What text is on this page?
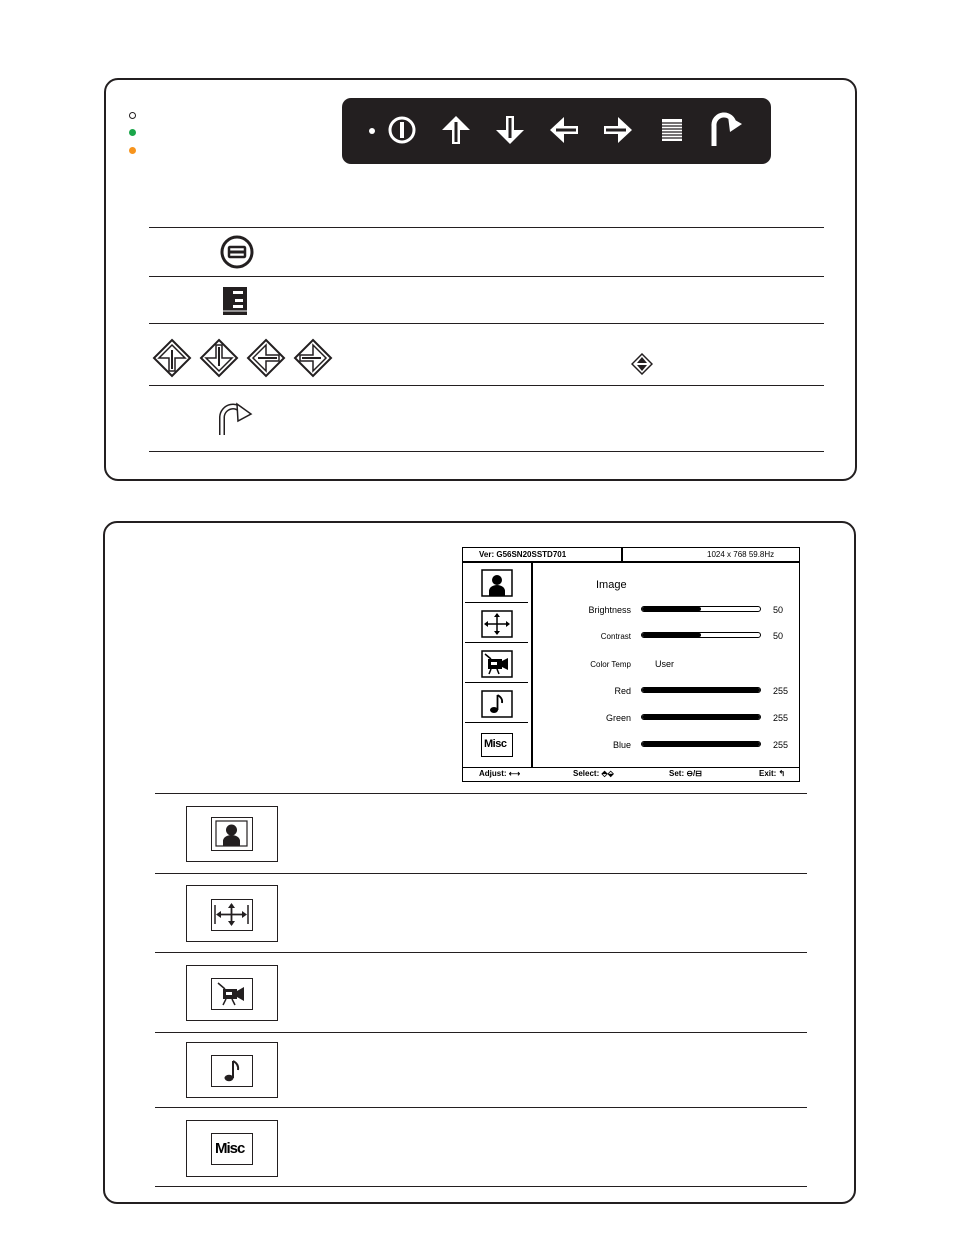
Ver: G56SN20SSTD701	1024 x 768 59.8Hz
Misc
Image
Brightness	50
Contrast	50
Color Temp	User
Red	255
Green	255
Blue	255
Adjust: ⟷	Select: ⬘⬙	Set: ⊖/⊟	Exit: ↰
Misc
